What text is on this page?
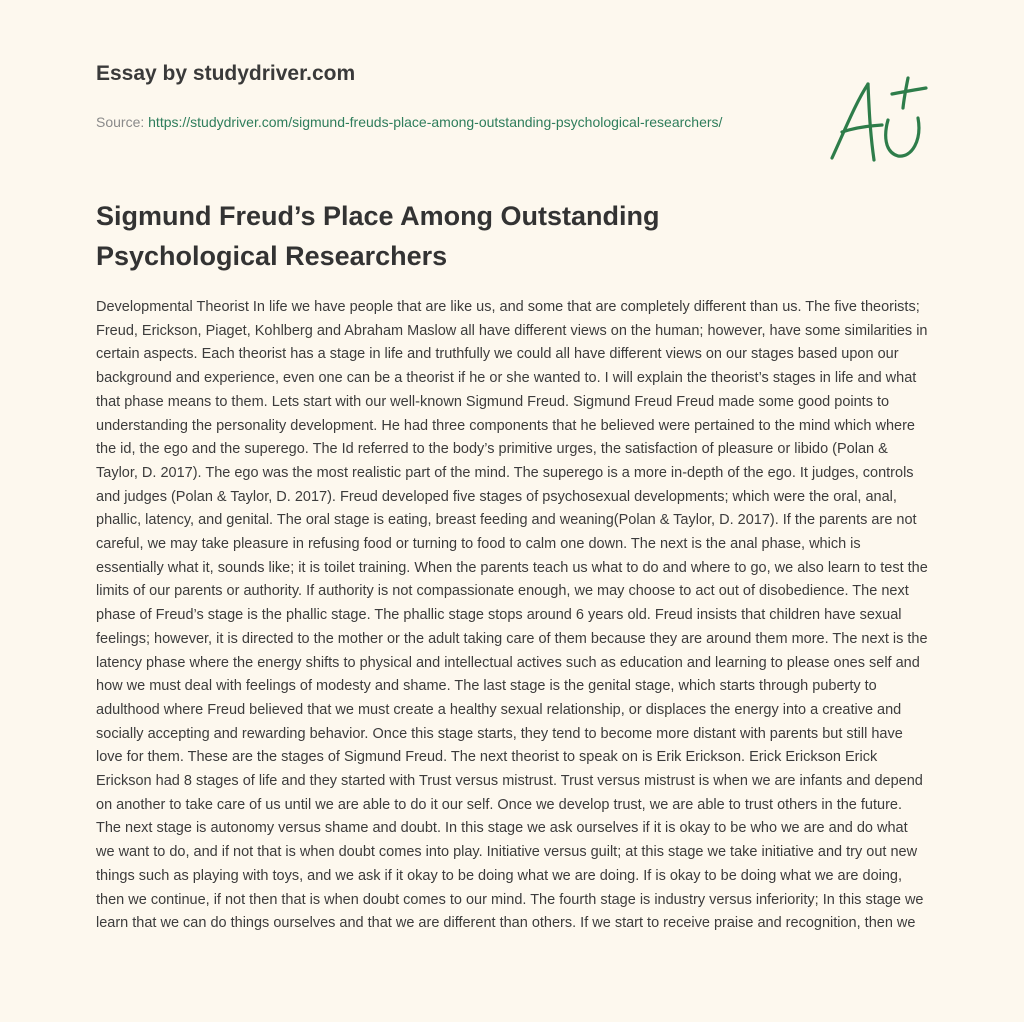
Essay by studydriver.com
Source: https://studydriver.com/sigmund-freuds-place-among-outstanding-psychological-researchers/
Sigmund Freud’s Place Among Outstanding Psychological Researchers

Developmental Theorist In life we have people that are like us, and some that are completely different than us. The five theorists; Freud, Erickson, Piaget, Kohlberg and Abraham Maslow all have different views on the human; however, have some similarities in certain aspects. Each theorist has a stage in life and truthfully we could all have different views on our stages based upon our background and experience, even one can be a theorist if he or she wanted to. I will explain the theorist’s stages in life and what that phase means to them. Lets start with our well-known Sigmund Freud. Sigmund Freud Freud made some good points to understanding the personality development. He had three components that he believed were pertained to the mind which where the id, the ego and the superego. The Id referred to the body’s primitive urges, the satisfaction of pleasure or libido (Polan & Taylor, D. 2017). The ego was the most realistic part of the mind. The superego is a more in-depth of the ego. It judges, controls and judges (Polan & Taylor, D. 2017). Freud developed five stages of psychosexual developments; which were the oral, anal, phallic, latency, and genital. The oral stage is eating, breast feeding and weaning(Polan & Taylor, D. 2017). If the parents are not careful, we may take pleasure in refusing food or turning to food to calm one down. The next is the anal phase, which is essentially what it, sounds like; it is toilet training. When the parents teach us what to do and where to go, we also learn to test the limits of our parents or authority. If authority is not compassionate enough, we may choose to act out of disobedience. The next phase of Freud’s stage is the phallic stage. The phallic stage stops around 6 years old. Freud insists that children have sexual feelings; however, it is directed to the mother or the adult taking care of them because they are around them more. The next is the latency phase where the energy shifts to physical and intellectual actives such as education and learning to please ones self and how we must deal with feelings of modesty and shame. The last stage is the genital stage, which starts through puberty to adulthood where Freud believed that we must create a healthy sexual relationship, or displaces the energy into a creative and socially accepting and rewarding behavior. Once this stage starts, they tend to become more distant with parents but still have love for them. These are the stages of Sigmund Freud. The next theorist to speak on is Erik Erickson. Erick Erickson Erick Erickson had 8 stages of life and they started with Trust versus mistrust. Trust versus mistrust is when we are infants and depend on another to take care of us until we are able to do it our self. Once we develop trust, we are able to trust others in the future. The next stage is autonomy versus shame and doubt. In this stage we ask ourselves if it is okay to be who we are and do what we want to do, and if not that is when doubt comes into play. Initiative versus guilt; at this stage we take initiative and try out new things such as playing with toys, and we ask if it okay to be doing what we are doing. If is okay to be doing what we are doing, then we continue, if not then that is when doubt comes to our mind. The fourth stage is industry versus inferiority; In this stage we learn that we can do things ourselves and that we are different than others. If we start to receive praise and recognition, then we
